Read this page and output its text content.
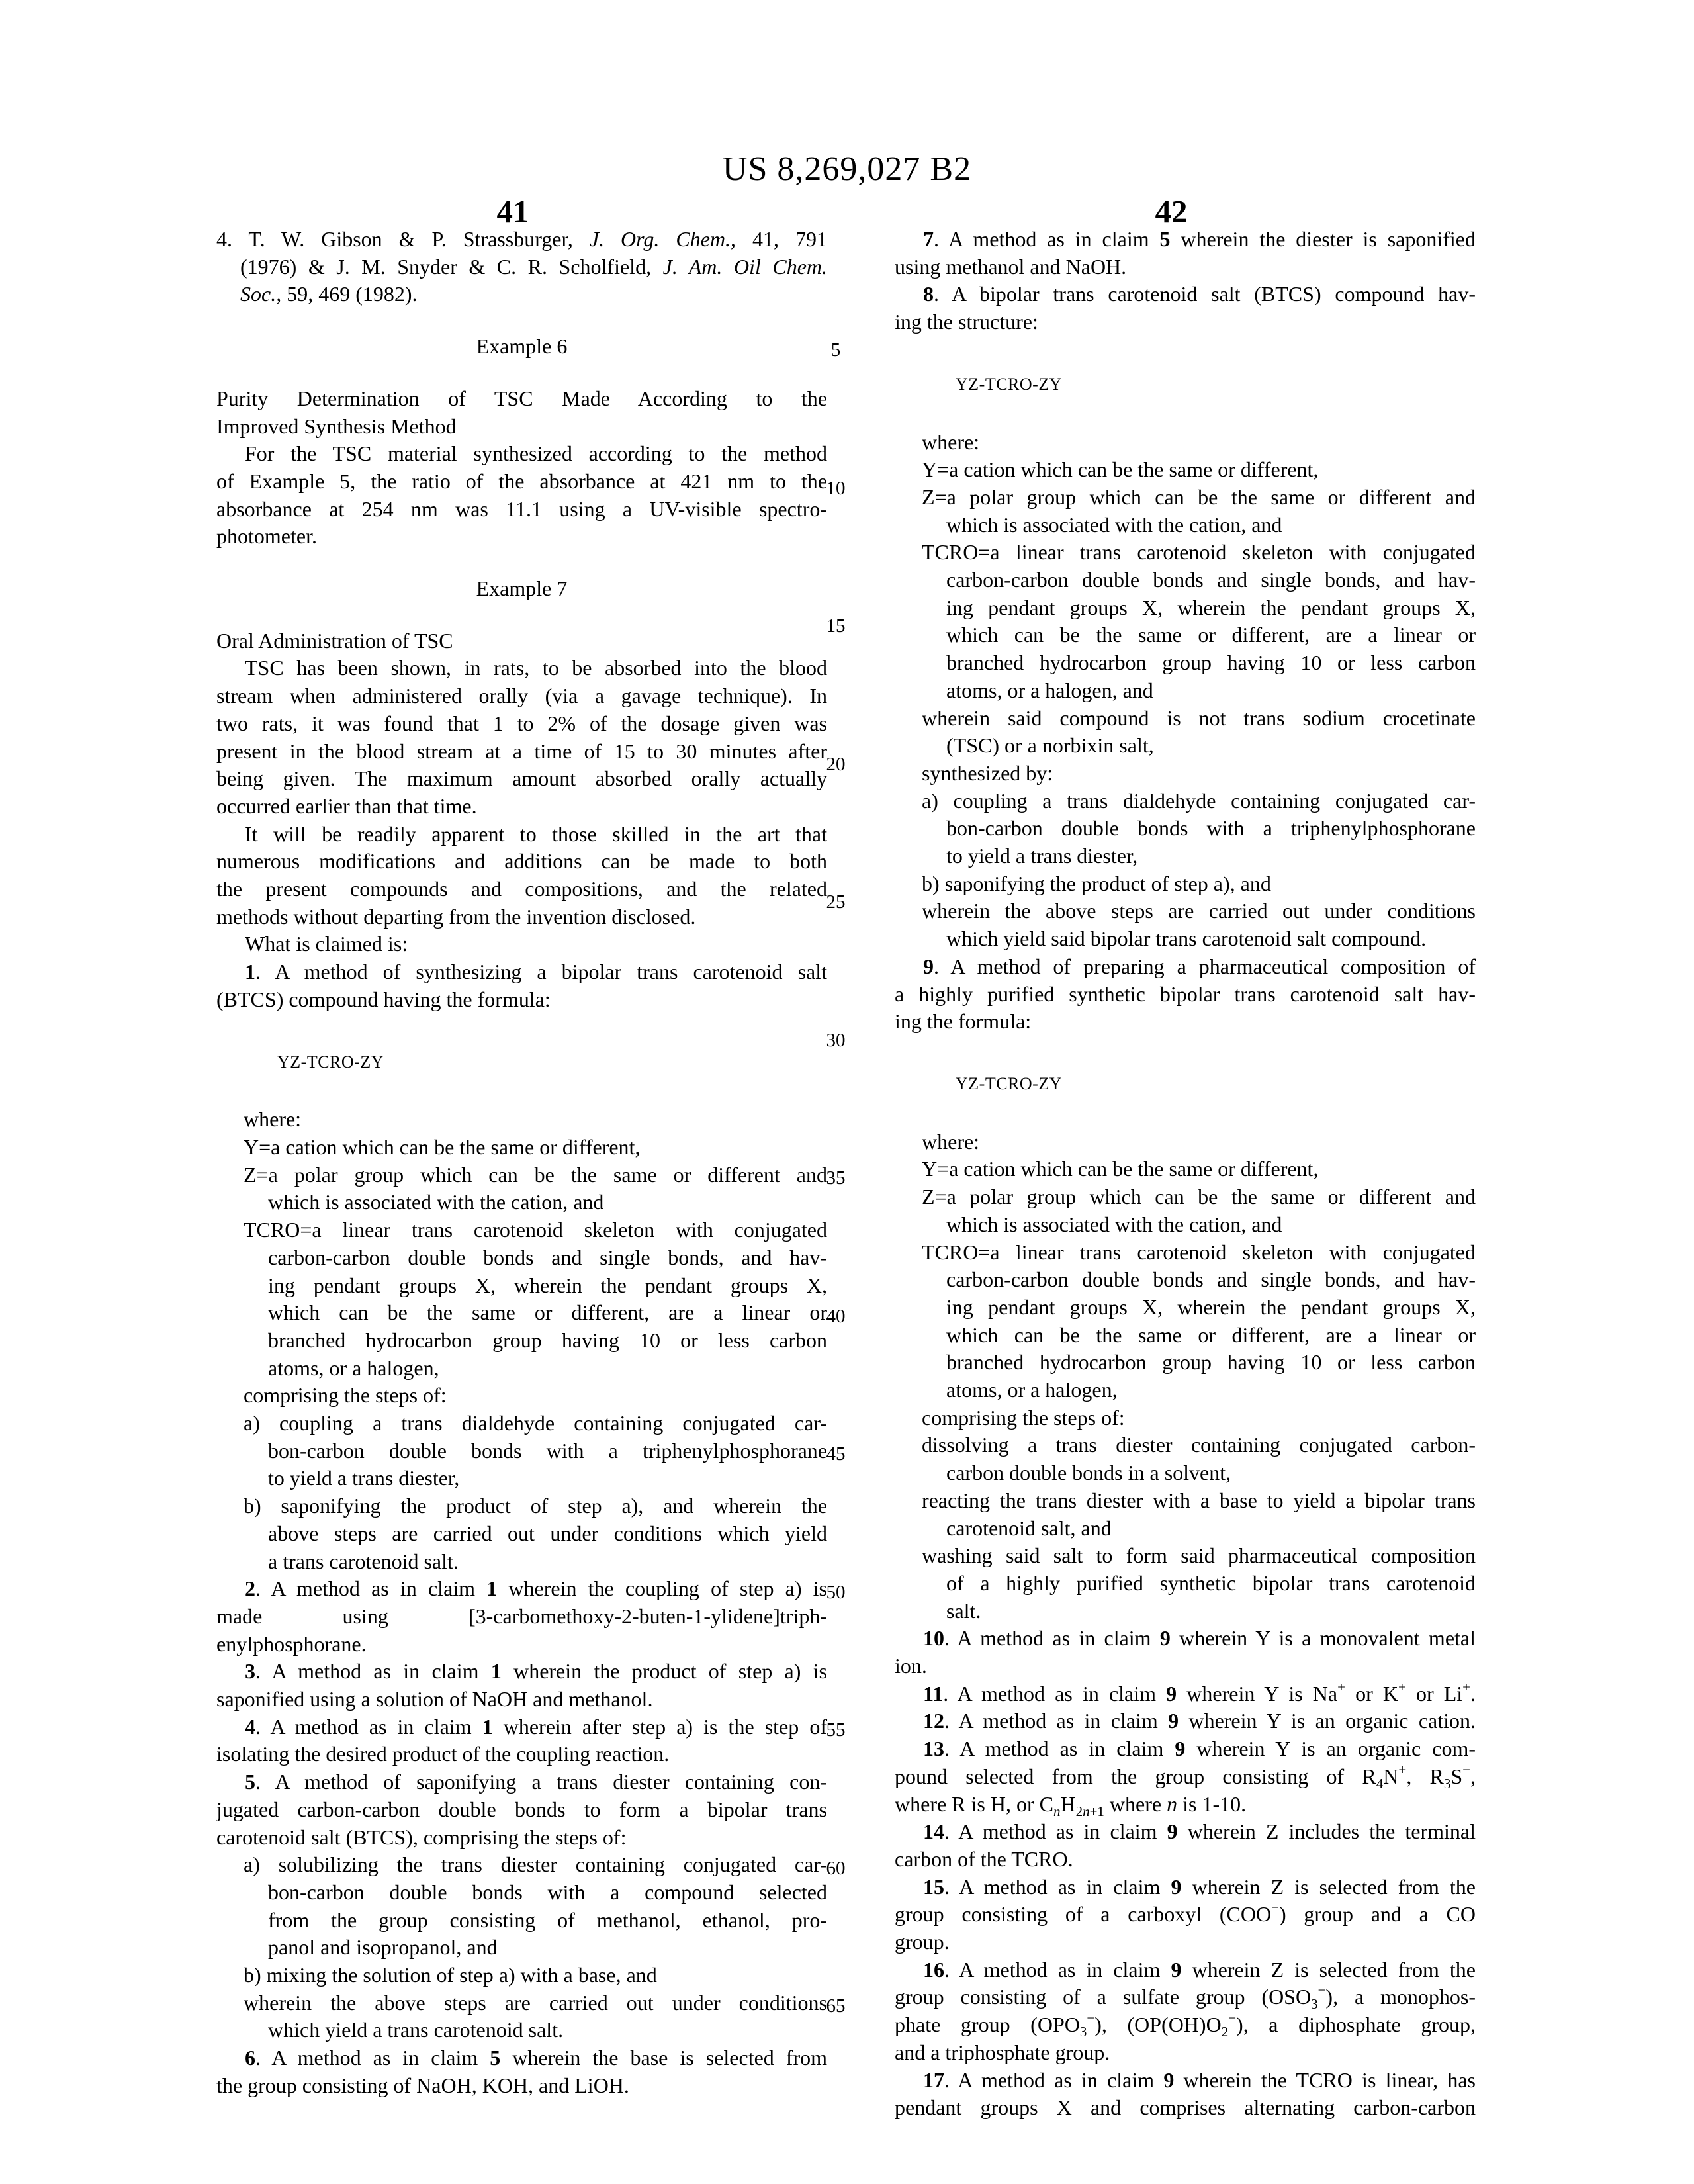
US 8,269,027 B2
41	42
4. T. W. Gibson & P. Strassburger, J. Org. Chem., 41, 791
(1976) & J. M. Snyder & C. R. Scholfield, J. Am. Oil Chem.
Soc., 59, 469 (1982).
Example 6
Purity Determination of TSC Made According to the
Improved Synthesis Method
For the TSC material synthesized according to the method
of Example 5, the ratio of the absorbance at 421 nm to the
absorbance at 254 nm was 11.1 using a UV-visible spectro-
photometer.
Example 7
Oral Administration of TSC
TSC has been shown, in rats, to be absorbed into the blood
stream when administered orally (via a gavage technique). In
two rats, it was found that 1 to 2% of the dosage given was
present in the blood stream at a time of 15 to 30 minutes after
being given. The maximum amount absorbed orally actually
occurred earlier than that time.
It will be readily apparent to those skilled in the art that
numerous modifications and additions can be made to both
the present compounds and compositions, and the related
methods without departing from the invention disclosed.
What is claimed is:
1. A method of synthesizing a bipolar trans carotenoid salt
(BTCS) compound having the formula:
YZ-TCRO-ZY
where:
Y=a cation which can be the same or different,
Z=a polar group which can be the same or different and
which is associated with the cation, and
TCRO=a linear trans carotenoid skeleton with conjugated
carbon-carbon double bonds and single bonds, and hav-
ing pendant groups X, wherein the pendant groups X,
which can be the same or different, are a linear or
branched hydrocarbon group having 10 or less carbon
atoms, or a halogen,
comprising the steps of:
a) coupling a trans dialdehyde containing conjugated car-
bon-carbon double bonds with a triphenylphosphorane
to yield a trans diester,
b) saponifying the product of step a), and wherein the
above steps are carried out under conditions which yield
a trans carotenoid salt.
2. A method as in claim 1 wherein the coupling of step a) is
made using [3-carbomethoxy-2-buten-1-ylidene]triph-
enylphosphorane.
3. A method as in claim 1 wherein the product of step a) is
saponified using a solution of NaOH and methanol.
4. A method as in claim 1 wherein after step a) is the step of
isolating the desired product of the coupling reaction.
5. A method of saponifying a trans diester containing con-
jugated carbon-carbon double bonds to form a bipolar trans
carotenoid salt (BTCS), comprising the steps of:
a) solubilizing the trans diester containing conjugated car-
bon-carbon double bonds with a compound selected
from the group consisting of methanol, ethanol, pro-
panol and isopropanol, and
b) mixing the solution of step a) with a base, and
wherein the above steps are carried out under conditions
which yield a trans carotenoid salt.
6. A method as in claim 5 wherein the base is selected from
the group consisting of NaOH, KOH, and LiOH.
7. A method as in claim 5 wherein the diester is saponified
using methanol and NaOH.
8. A bipolar trans carotenoid salt (BTCS) compound hav-
ing the structure:
YZ-TCRO-ZY
where:
Y=a cation which can be the same or different,
Z=a polar group which can be the same or different and
which is associated with the cation, and
TCRO=a linear trans carotenoid skeleton with conjugated
carbon-carbon double bonds and single bonds, and hav-
ing pendant groups X, wherein the pendant groups X,
which can be the same or different, are a linear or
branched hydrocarbon group having 10 or less carbon
atoms, or a halogen, and
wherein said compound is not trans sodium crocetinate
(TSC) or a norbixin salt,
synthesized by:
a) coupling a trans dialdehyde containing conjugated car-
bon-carbon double bonds with a triphenylphosphorane
to yield a trans diester,
b) saponifying the product of step a), and
wherein the above steps are carried out under conditions
which yield said bipolar trans carotenoid salt compound.
9. A method of preparing a pharmaceutical composition of
a highly purified synthetic bipolar trans carotenoid salt hav-
ing the formula:
YZ-TCRO-ZY
where:
Y=a cation which can be the same or different,
Z=a polar group which can be the same or different and
which is associated with the cation, and
TCRO=a linear trans carotenoid skeleton with conjugated
carbon-carbon double bonds and single bonds, and hav-
ing pendant groups X, wherein the pendant groups X,
which can be the same or different, are a linear or
branched hydrocarbon group having 10 or less carbon
atoms, or a halogen,
comprising the steps of:
dissolving a trans diester containing conjugated carbon-
carbon double bonds in a solvent,
reacting the trans diester with a base to yield a bipolar trans
carotenoid salt, and
washing said salt to form said pharmaceutical composition
of a highly purified synthetic bipolar trans carotenoid
salt.
10. A method as in claim 9 wherein Y is a monovalent metal
ion.
11. A method as in claim 9 wherein Y is Na+ or K+ or Li+.
12. A method as in claim 9 wherein Y is an organic cation.
13. A method as in claim 9 wherein Y is an organic com-
pound selected from the group consisting of $R_4N^+$, $R_3S^-$,
where R is H, or $C_nH_{2n+1}$ where n is 1-10.
14. A method as in claim 9 wherein Z includes the terminal
carbon of the TCRO.
15. A method as in claim 9 wherein Z is selected from the
group consisting of a carboxyl (COO−) group and a CO
group.
16. A method as in claim 9 wherein Z is selected from the
group consisting of a sulfate group $(OSO_3^-)$, a monophos-
phate group $(OPO_3^-)$, $(OP(OH)O_2^-)$, a diphosphate group,
and a triphosphate group.
17. A method as in claim 9 wherein the TCRO is linear, has
pendant groups X and comprises alternating carbon-carbon
5
10
15
20
25
30
35
40
45
50
55
60
65
